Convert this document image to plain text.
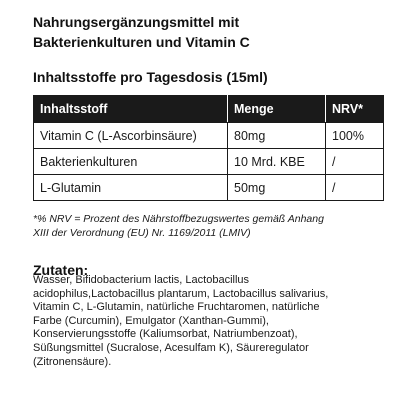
Nahrungsergänzungsmittel mit
Bakterienkulturen und Vitamin C
Inhaltsstoffe pro Tagesdosis (15ml)
Inhaltsstoff	Menge	NRV*
Vitamin C (L-Ascorbinsäure)	80mg	100%
Bakterienkulturen	10 Mrd. KBE	/
L-Glutamin	50mg	/
*% NRV = Prozent des Nährstoffbezugswertes gemäß Anhang
XIII der Verordnung (EU) Nr. 1169/2011 (LMIV)
Zutaten:
Wasser, Bifidobacterium lactis, Lactobacillus
acidophilus,Lactobacillus plantarum, Lactobacillus salivarius,
Vitamin C, L-Glutamin, natürliche Fruchtaromen, natürliche
Farbe (Curcumin), Emulgator (Xanthan-Gummi),
Konservierungsstoffe (Kaliumsorbat, Natriumbenzoat),
Süßungsmittel (Sucralose, Acesulfam K), Säureregulator
(Zitronensäure).
